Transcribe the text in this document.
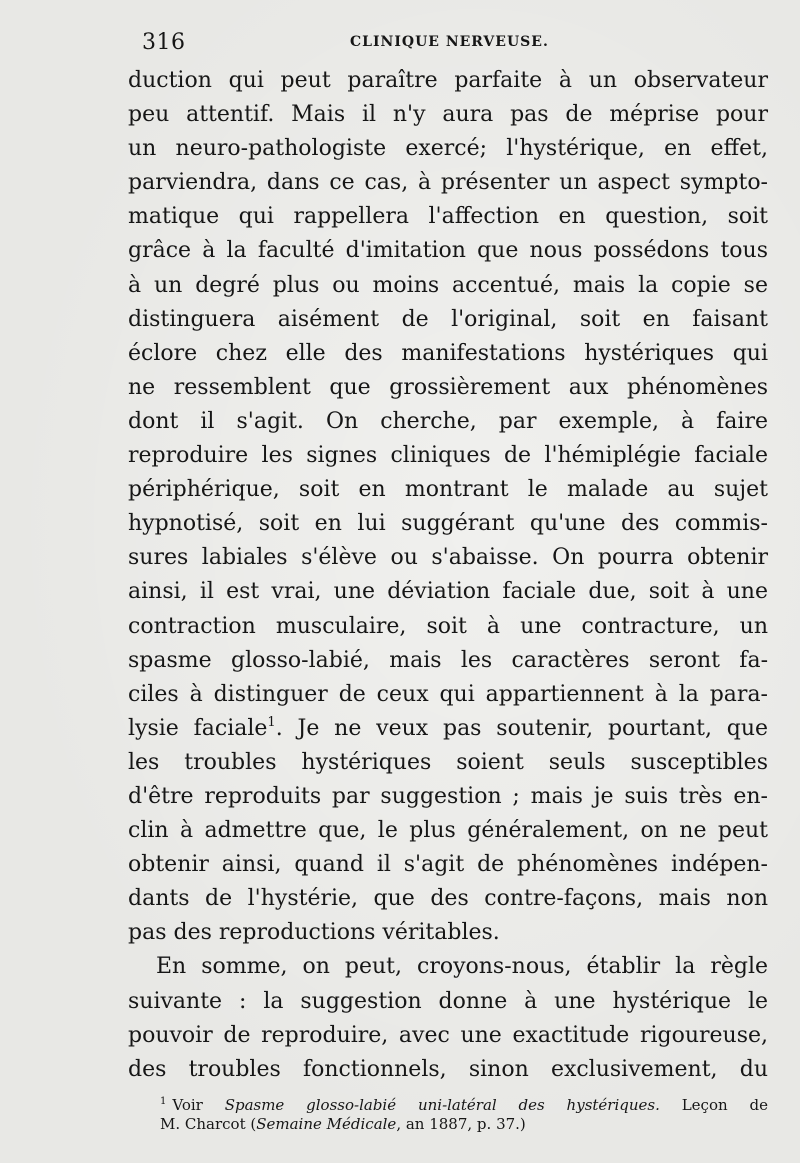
316	CLINIQUE NERVEUSE.
duction qui peut paraître parfaite à un observateur
peu attentif. Mais il n'y aura pas de méprise pour
un neuro-pathologiste exercé; l'hystérique, en effet,
parviendra, dans ce cas, à présenter un aspect sympto-
matique qui rappellera l'affection en question, soit
grâce à la faculté d'imitation que nous possédons tous
à un degré plus ou moins accentué, mais la copie se
distinguera aisément de l'original, soit en faisant
éclore chez elle des manifestations hystériques qui
ne ressemblent que grossièrement aux phénomènes
dont il s'agit. On cherche, par exemple, à faire
reproduire les signes cliniques de l'hémiplégie faciale
périphérique, soit en montrant le malade au sujet
hypnotisé, soit en lui suggérant qu'une des commis-
sures labiales s'élève ou s'abaisse. On pourra obtenir
ainsi, il est vrai, une déviation faciale due, soit à une
contraction musculaire, soit à une contracture, un
spasme glosso-labié, mais les caractères seront fa-
ciles à distinguer de ceux qui appartiennent à la para-
lysie faciale$^1$. Je ne veux pas soutenir, pourtant, que
les troubles hystériques soient seuls susceptibles
d'être reproduits par suggestion ; mais je suis très en-
clin à admettre que, le plus généralement, on ne peut
obtenir ainsi, quand il s'agit de phénomènes indépen-
dants de l'hystérie, que des contre-façons, mais non
pas des reproductions véritables.
En somme, on peut, croyons-nous, établir la règle
suivante : la suggestion donne à une hystérique le
pouvoir de reproduire, avec une exactitude rigoureuse,
des troubles fonctionnels, sinon exclusivement, du
$^1$ Voir Spasme glosso-labié uni-latéral des hystériques. Leçon de
M. Charcot (Semaine Médicale, an 1887, p. 37.)
